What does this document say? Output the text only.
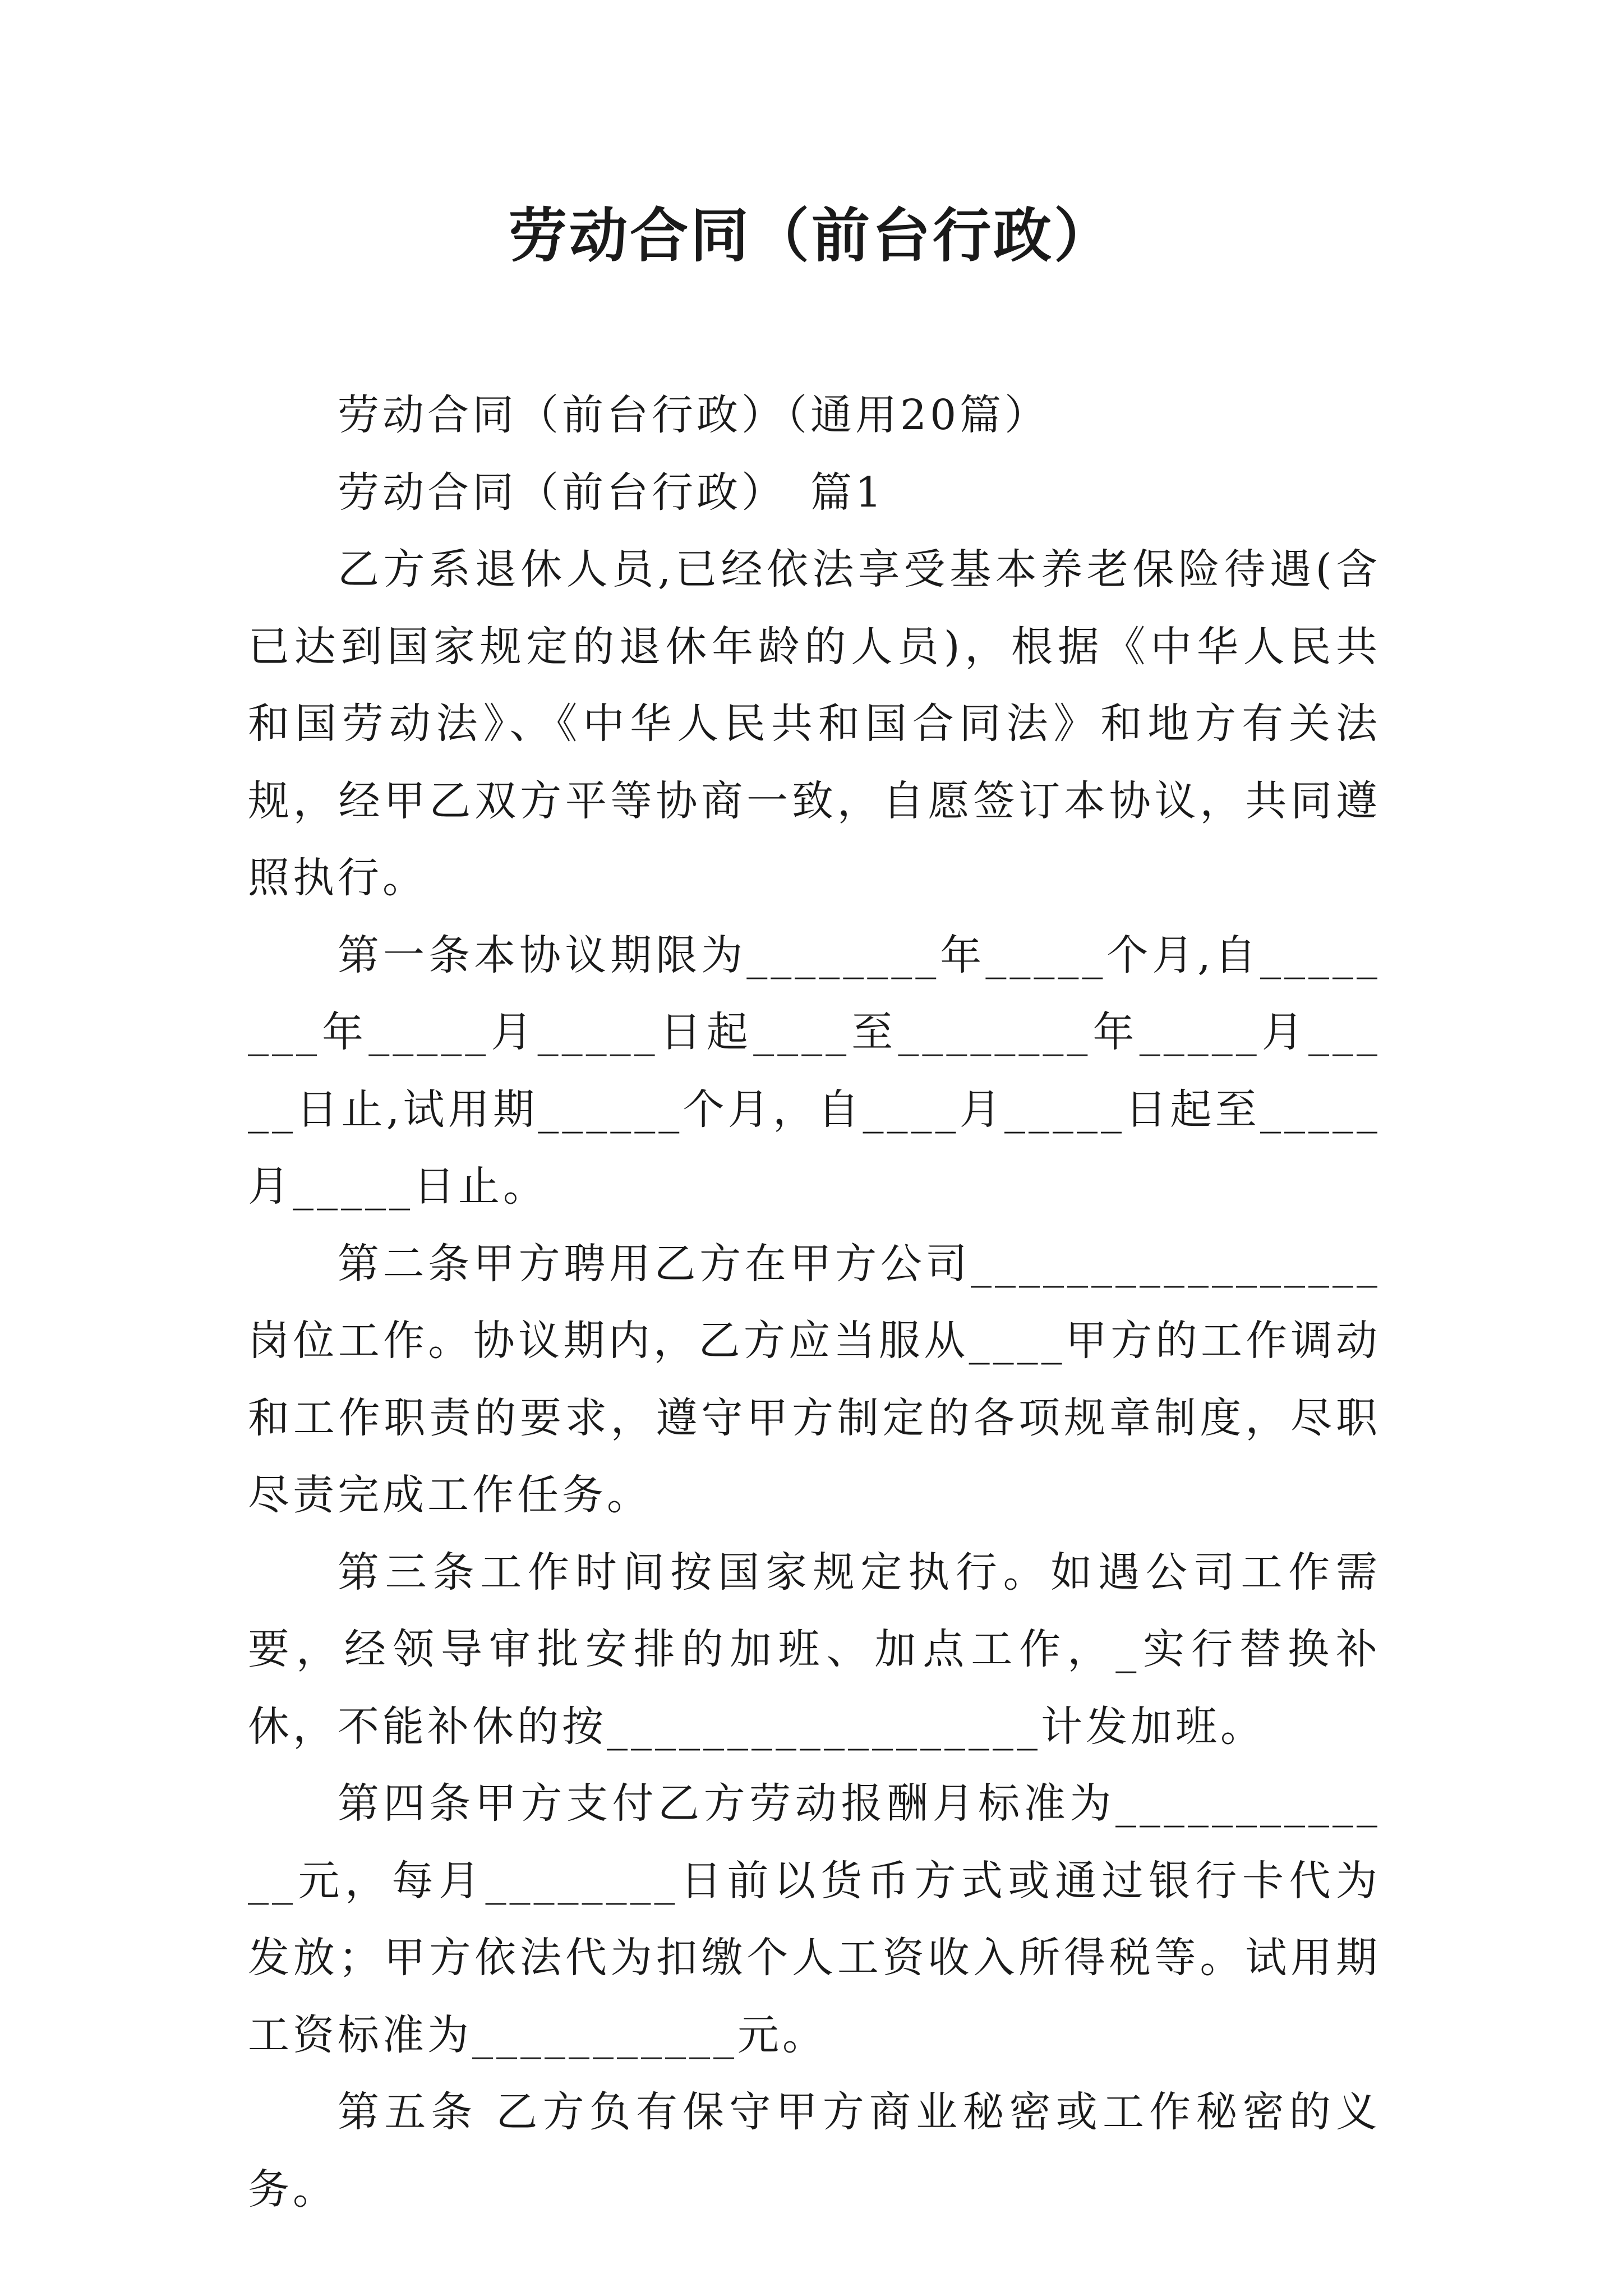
劳动合同（前台行政）

劳动合同（前台行政）（通用20篇）

劳动合同（前台行政）　篇1

乙方系退休人员,已经依法享受基本养老保险待遇(含已达到国家规定的退休年龄的人员)，根据《中华人民共和国劳动法》、《中华人民共和国合同法》和地方有关法规，经甲乙双方平等协商一致，自愿签订本协议，共同遵照执行。

第一条本协议期限为________年_____个月,自________年_____月_____日起____至________年_____月_____日止,试用期______个月，自____月_____日起至_____月_____日止。

第二条甲方聘用乙方在甲方公司_________________岗位工作。协议期内，乙方应当服从____甲方的工作调动和工作职责的要求，遵守甲方制定的各项规章制度，尽职尽责完成工作任务。

第三条工作时间按国家规定执行。如遇公司工作需要，经领导审批安排的加班、加点工作，_实行替换补休，不能补休的按__________________计发加班。

第四条甲方支付乙方劳动报酬月标准为_____________元，每月________日前以货币方式或通过银行卡代为发放；甲方依法代为扣缴个人工资收入所得税等。试用期工资标准为___________元。

第五条 乙方负有保守甲方商业秘密或工作秘密的义务。
